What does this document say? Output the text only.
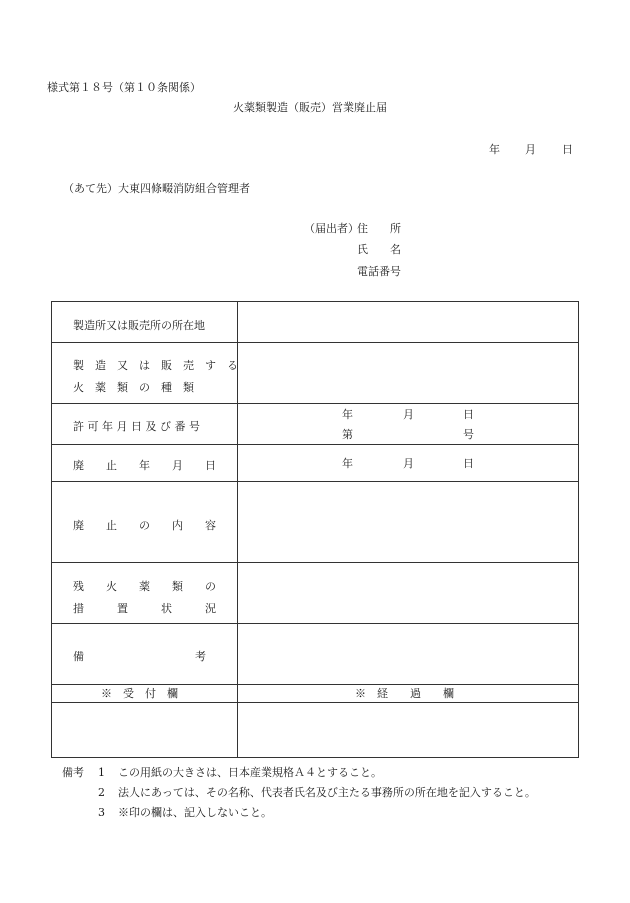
様式第１８号（第１０条関係）
火薬類製造（販売）営業廃止届
年 月 日
（あて先）大東四條畷消防組合管理者
（届出者）
住　　所
氏　　名
電話番号
製造所又は販売所の所在地
製　造　又　は　販　売　す　る
火　薬　類　の　種　類
許 可 年 月 日 及 び 番 号
年	月	日
第	号
廃　　止　　年　　月　　日	年	月	日
廃　　止　　の　　内　　容
残　　火　　薬　　類　　の
措　　　置　　　状　　　況
備	考
※　受　付　欄	※　経　　過　　欄
備考 1 この用紙の大きさは、日本産業規格Ａ４とすること。
2 法人にあっては、その名称、代表者氏名及び主たる事務所の所在地を記入すること。
3 ※印の欄は、記入しないこと。
